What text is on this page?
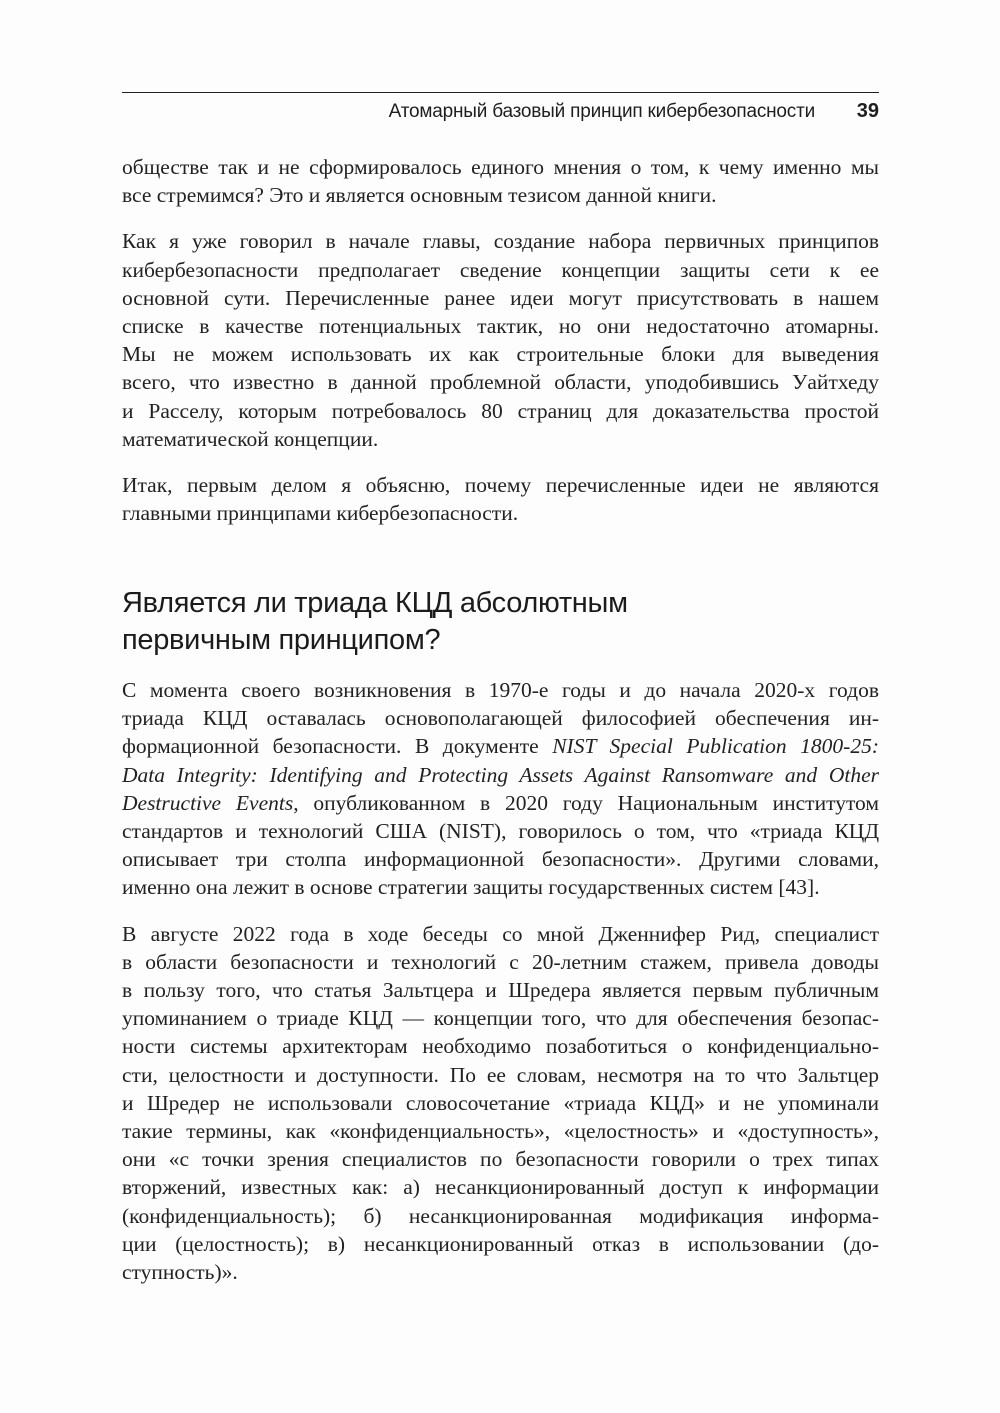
Атомарный базовый принцип кибербезопасности 39

обществе так и не сформировалось единого мнения о том, к чему именно мы
все стремимся? Это и является основным тезисом данной книги.

Как я уже говорил в начале главы, создание набора первичных принципов
кибербезопасности предполагает сведение концепции защиты сети к ее
основной сути. Перечисленные ранее идеи могут присутствовать в нашем
списке в качестве потенциальных тактик, но они недостаточно атомарны.
Мы не можем использовать их как строительные блоки для выведения
всего, что известно в данной проблемной области, уподобившись Уайтхеду
и Расселу, которым потребовалось 80 страниц для доказательства простой
математической концепции.

Итак, первым делом я объясню, почему перечисленные идеи не являются
главными принципами кибербезопасности.

Является ли триада КЦД абсолютным
первичным принципом?

С момента своего возникновения в 1970-е годы и до начала 2020-х годов
триада КЦД оставалась основополагающей философией обеспечения ин-
формационной безопасности. В документе NIST Special Publication 1800-25:
Data Integrity: Identifying and Protecting Assets Against Ransomware and Other
Destructive Events, опубликованном в 2020 году Национальным институтом
стандартов и технологий США (NIST), говорилось о том, что «триада КЦД
описывает три столпа информационной безопасности». Другими словами,
именно она лежит в основе стратегии защиты государственных систем [43].

В августе 2022 года в ходе беседы со мной Дженнифер Рид, специалист
в области безопасности и технологий с 20-летним стажем, привела доводы
в пользу того, что статья Зальтцера и Шредера является первым публичным
упоминанием о триаде КЦД — концепции того, что для обеспечения безопас-
ности системы архитекторам необходимо позаботиться о конфиденциально-
сти, целостности и доступности. По ее словам, несмотря на то что Зальтцер
и Шредер не использовали словосочетание «триада КЦД» и не упоминали
такие термины, как «конфиденциальность», «целостность» и «доступность»,
они «с точки зрения специалистов по безопасности говорили о трех типах
вторжений, известных как: а) несанкционированный доступ к информации
(конфиденциальность); б) несанкционированная модификация информа-
ции (целостность); в) несанкционированный отказ в использовании (до-
ступность)».
